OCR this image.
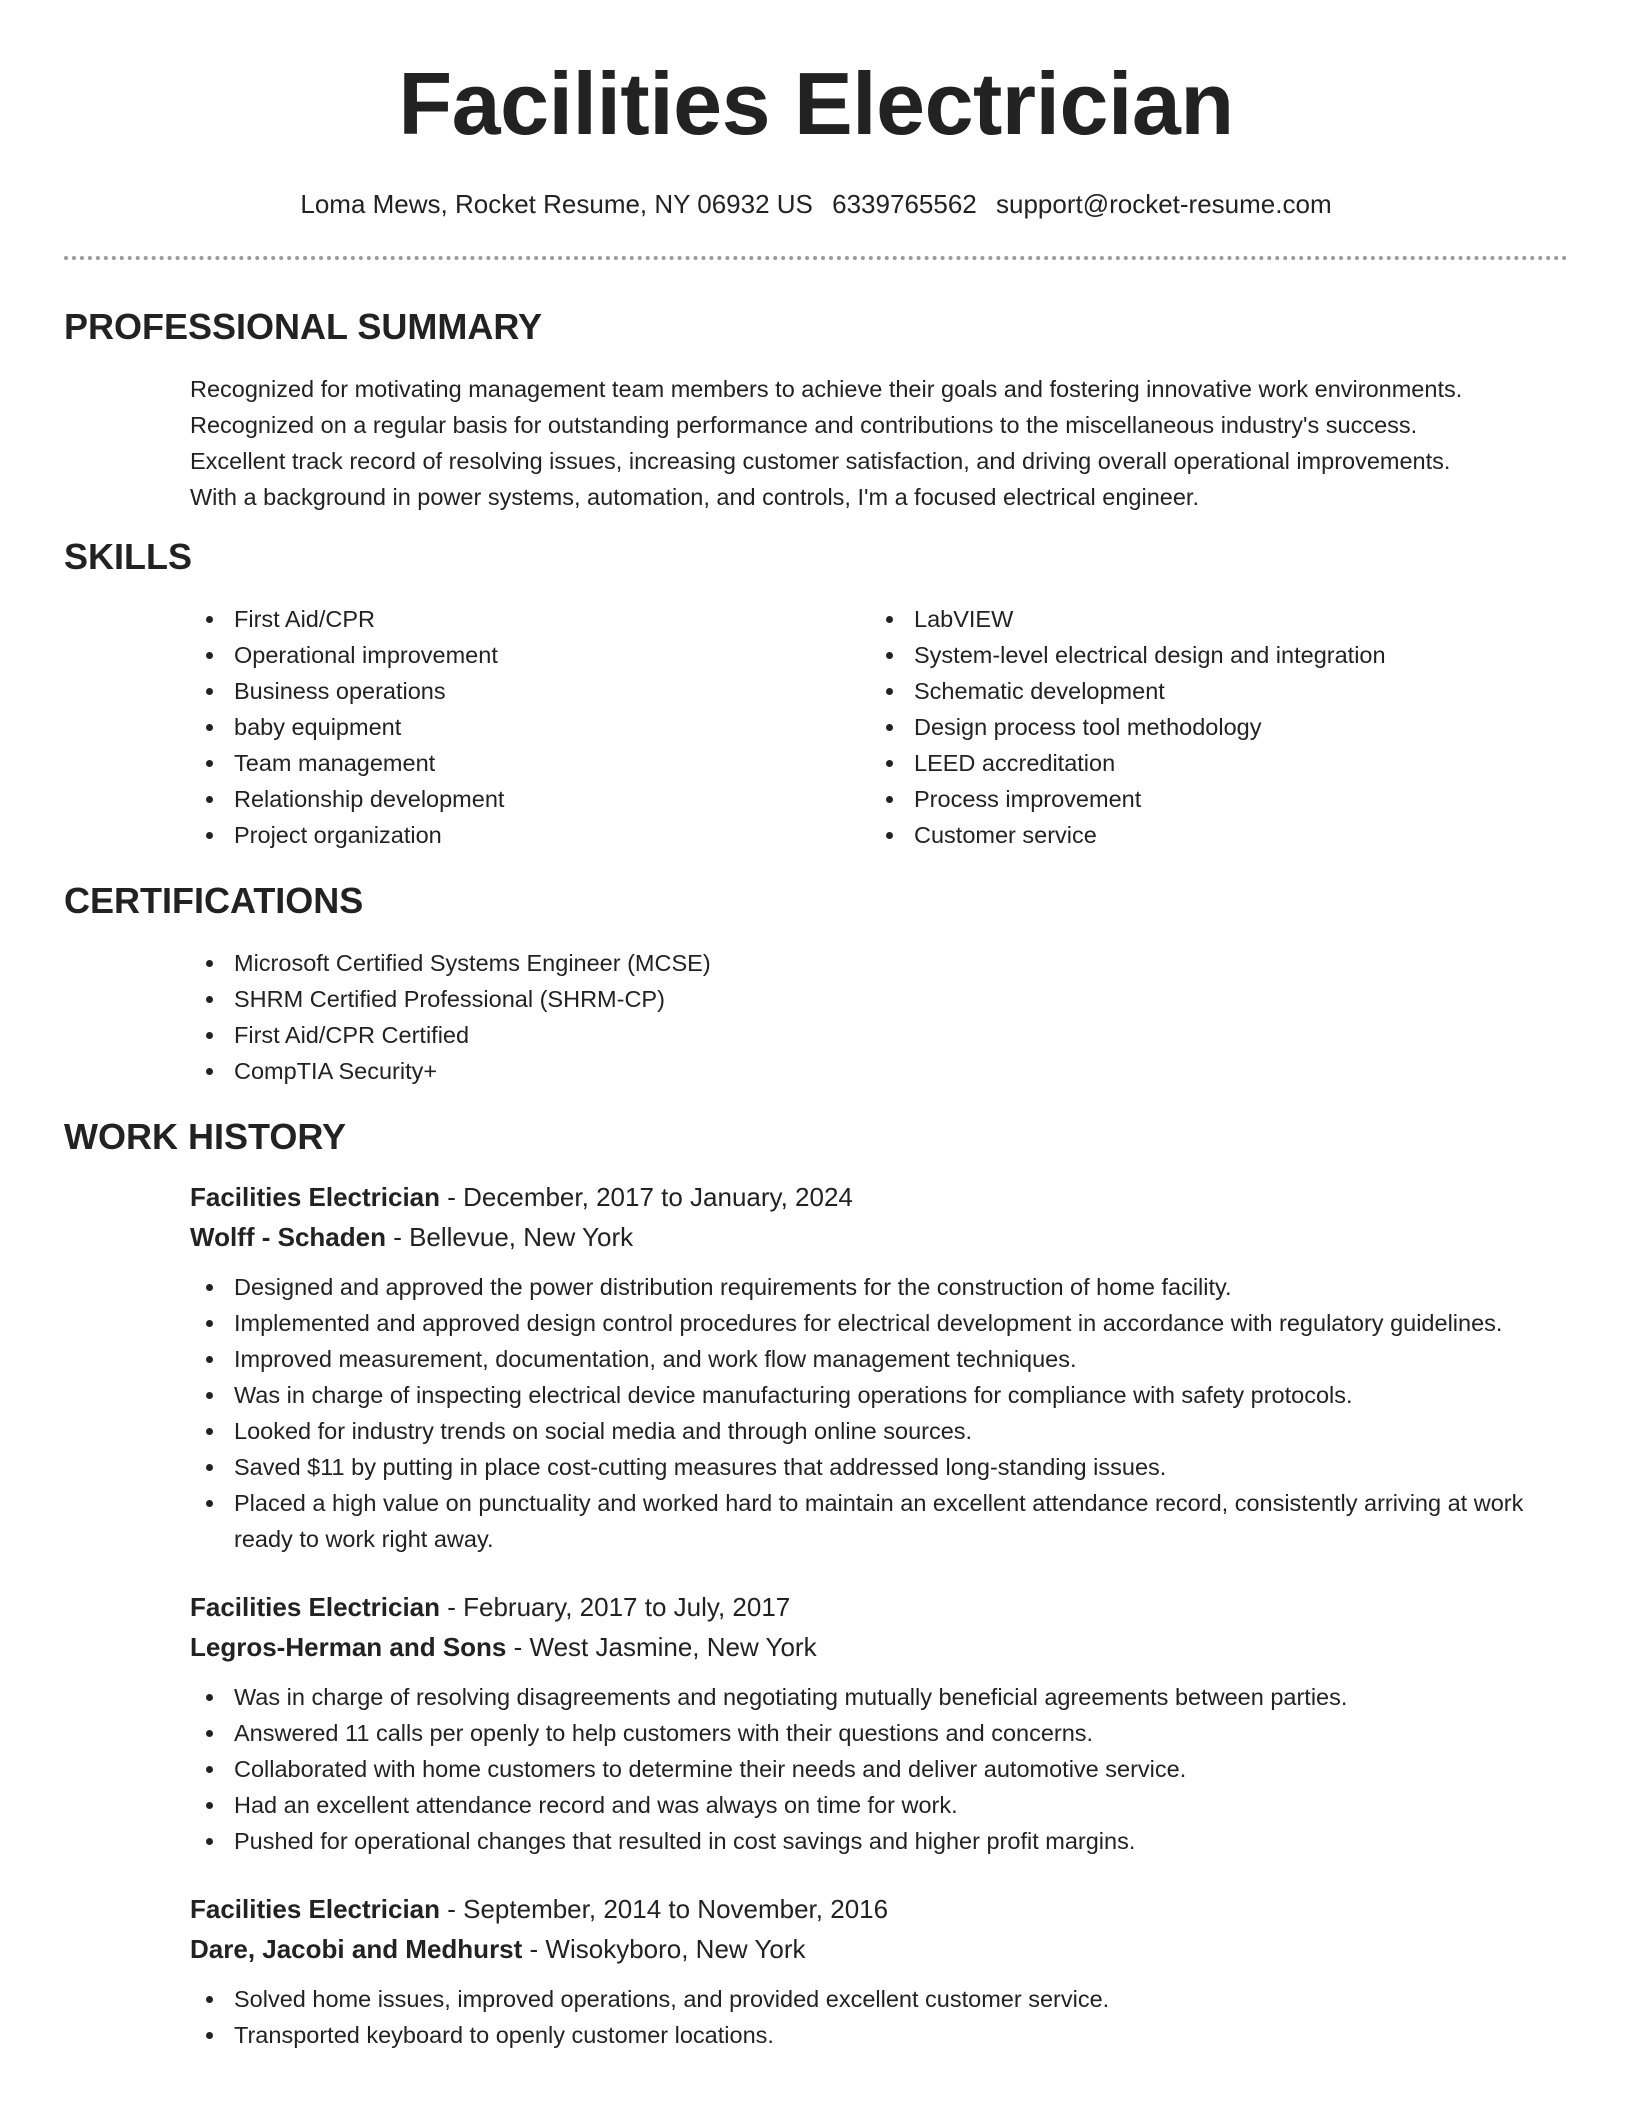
Facilities Electrician
Loma Mews, Rocket Resume, NY 06932 US 6339765562 support@rocket-resume.com
PROFESSIONAL SUMMARY

Recognized for motivating management team members to achieve their goals and fostering innovative work environments.

Recognized on a regular basis for outstanding performance and contributions to the miscellaneous industry's success.

Excellent track record of resolving issues, increasing customer satisfaction, and driving overall operational improvements.

With a background in power systems, automation, and controls, I'm a focused electrical engineer.

SKILLS
First Aid/CPR
Operational improvement
Business operations
baby equipment
Team management
Relationship development
Project organization
LabVIEW
System-level electrical design and integration
Schematic development
Design process tool methodology
LEED accreditation
Process improvement
Customer service
CERTIFICATIONS
Microsoft Certified Systems Engineer (MCSE)
SHRM Certified Professional (SHRM-CP)
First Aid/CPR Certified
CompTIA Security+
WORK HISTORY
Facilities Electrician - December, 2017 to January, 2024
Wolff - Schaden - Bellevue, New York
Designed and approved the power distribution requirements for the construction of home facility.
Implemented and approved design control procedures for electrical development in accordance with regulatory guidelines.
Improved measurement, documentation, and work flow management techniques.
Was in charge of inspecting electrical device manufacturing operations for compliance with safety protocols.
Looked for industry trends on social media and through online sources.
Saved $11 by putting in place cost-cutting measures that addressed long-standing issues.
Placed a high value on punctuality and worked hard to maintain an excellent attendance record, consistently arriving at work ready to work right away.
Facilities Electrician - February, 2017 to July, 2017
Legros-Herman and Sons - West Jasmine, New York
Was in charge of resolving disagreements and negotiating mutually beneficial agreements between parties.
Answered 11 calls per openly to help customers with their questions and concerns.
Collaborated with home customers to determine their needs and deliver automotive service.
Had an excellent attendance record and was always on time for work.
Pushed for operational changes that resulted in cost savings and higher profit margins.
Facilities Electrician - September, 2014 to November, 2016
Dare, Jacobi and Medhurst - Wisokyboro, New York
Solved home issues, improved operations, and provided excellent customer service.
Transported keyboard to openly customer locations.
